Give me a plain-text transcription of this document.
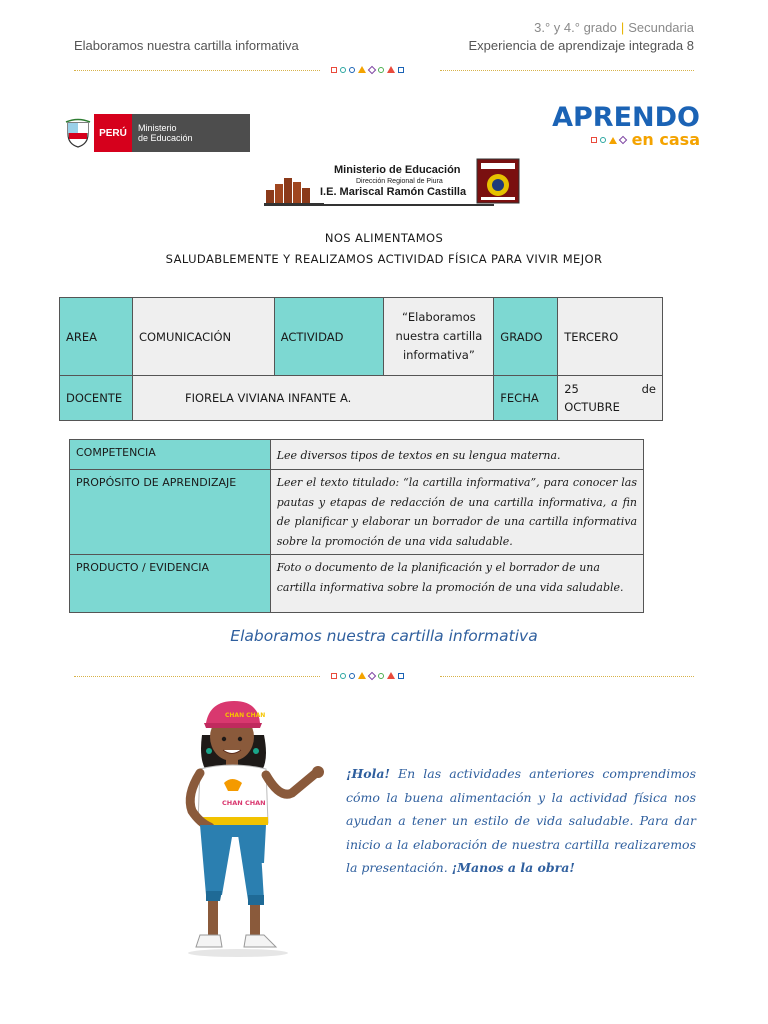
3.° y 4.° grado | Secundaria
Elaboramos nuestra cartilla informativa	Experiencia de aprendizaje integrada 8
PERÚ	Ministerio
de Educación
APRENDO
en casa
Ministerio de Educación
Dirección Regional de Piura
I.E. Mariscal Ramón Castilla
NOS ALIMENTAMOS
SALUDABLEMENTE Y REALIZAMOS ACTIVIDAD FÍSICA PARA VIVIR MEJOR
AREA	COMUNICACIÓN	ACTIVIDAD	“Elaboramos nuestra cartilla informativa”	GRADO	TERCERO
DOCENTE	FIORELA VIVIANA INFANTE A.			FECHA	25 de
OCTUBRE
COMPETENCIA	Lee diversos tipos de textos en su lengua materna.
PROPÓSITO DE APRENDIZAJE	Leer el texto titulado: “la cartilla informativa”, para conocer las pautas y etapas de redacción de una cartilla informativa, a fin de planificar y elaborar un borrador de una cartilla informativa sobre la promoción de una vida saludable.
PRODUCTO / EVIDENCIA	Foto o documento de la planificación y el borrador de una cartilla informativa sobre la promoción de una vida saludable.
Elaboramos nuestra cartilla informativa
CHAN CHAN
CHAN CHAN
¡Hola! En las actividades anteriores comprendimos cómo la buena alimentación y la actividad física nos ayudan a tener un estilo de vida saludable. Para dar inicio a la elaboración de nuestra cartilla realizaremos la presentación. ¡Manos a la obra!
